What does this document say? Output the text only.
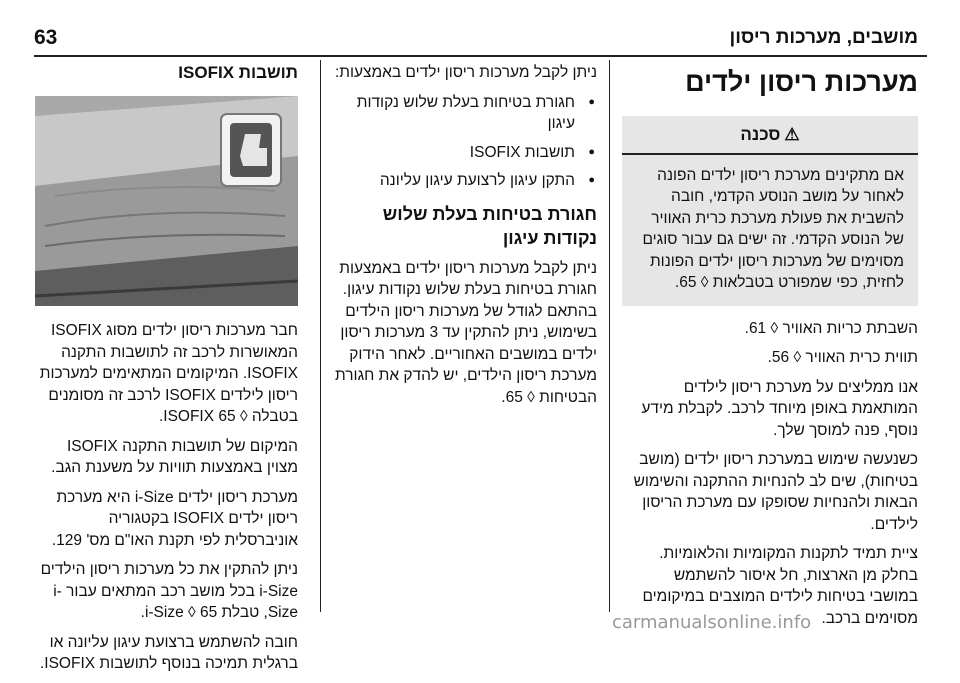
63	מושבים, מערכות ריסון
מערכות ריסון ילדים
⚠סכנה
אם מתקינים מערכת ריסון ילדים הפונה לאחור על מושב הנוסע הקדמי, חובה להשבית את פעולת מערכת כרית האוויר של הנוסע הקדמי. זה ישים גם עבור סוגים מסוימים של מערכות ריסון ילדים הפונות לחזית, כפי שמפורט בטבלאות ◊ 65.

השבתת כריות האוויר ◊ 61.

תווית כרית האוויר ◊ 56.

אנו ממליצים על מערכת ריסון לילדים המותאמת באופן מיוחד לרכב. לקבלת מידע נוסף, פנה למוסך שלך.

כשנעשה שימוש במערכת ריסון ילדים (מושב בטיחות), שים לב להנחיות ההתקנה והשימוש הבאות ולהנחיות שסופקו עם מערכת הריסון לילדים.

ציית תמיד לתקנות המקומיות והלאומיות. בחלק מן הארצות, חל איסור להשתמש במושבי בטיחות לילדים המוצבים במיקומים מסוימים ברכב.

ניתן לקבל מערכות ריסון ילדים באמצעות:

● חגורת בטיחות בעלת שלוש נקודות עיגון
● תושבות ISOFIX
● התקן עיגון לרצועת עיגון עליונה
חגורת בטיחות בעלת שלוש נקודות עיגון

ניתן לקבל מערכות ריסון ילדים באמצעות חגורת בטיחות בעלת שלוש נקודות עיגון. בהתאם לגודל של מערכות ריסון הילדים בשימוש, ניתן להתקין עד 3 מערכות ריסון ילדים במושבים האחוריים. לאחר הידוק מערכת ריסון הילדים, יש להדק את חגורת הבטיחות ◊ 65.

תושבות ISOFIX

חבר מערכות ריסון ילדים מסוג ISOFIX המאושרות לרכב זה לתושבות התקנה ISOFIX. המיקומים המתאימים למערכות ריסון לילדים ISOFIX לרכב זה מסומנים בטבלה ◊ ISOFIX 65.

המיקום של תושבות התקנה ISOFIX מצוין באמצעות תוויות על משענת הגב.

מערכת ריסון ילדים i-Size היא מערכת ריסון ילדים ISOFIX בקטגוריה אוניברסלית לפי תקנת האו"ם מס' 129.

ניתן להתקין את כל מערכות ריסון הילדים i-Size בכל מושב רכב המתאים עבור i-Size, טבלת i-Size ◊ 65.

חובה להשתמש ברצועת עיגון עליונה או ברגלית תמיכה בנוסף לתושבות ISOFIX.

carmanualsonline.info
